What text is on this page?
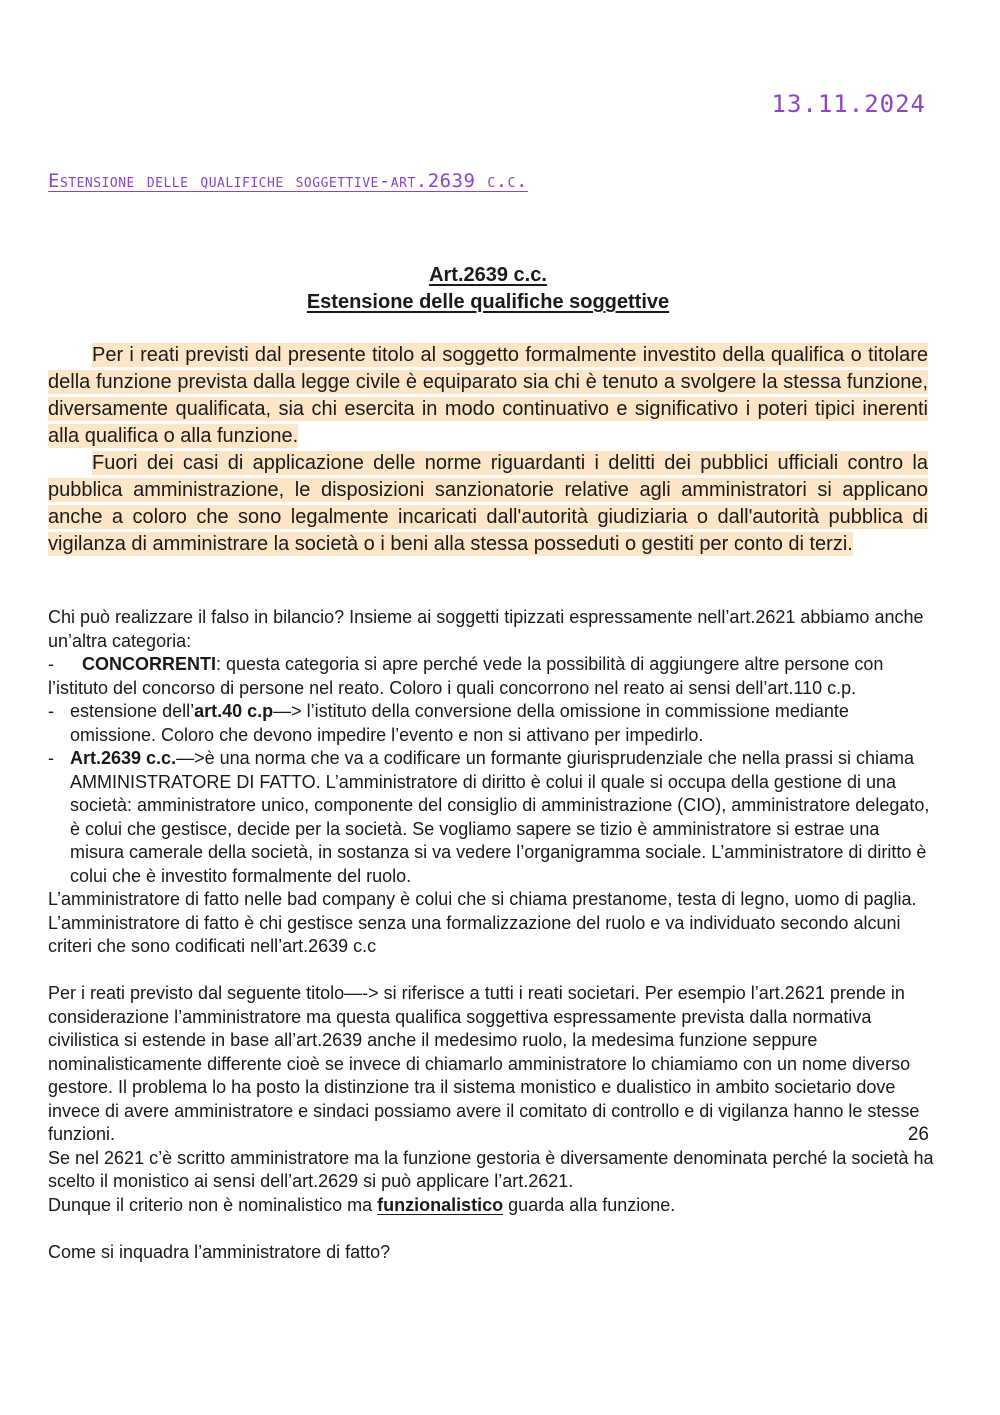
13.11.2024
Estensione delle qualifiche soggettive-art.2639 c.c.
Art.2639 c.c.
Estensione delle qualifiche soggettive

Per i reati previsti dal presente titolo al soggetto formalmente investito della qualifica o titolare della funzione prevista dalla legge civile è equiparato sia chi è tenuto a svolgere la stessa funzione, diversamente qualificata, sia chi esercita in modo continuativo e significativo i poteri tipici inerenti alla qualifica o alla funzione.

Fuori dei casi di applicazione delle norme riguardanti i delitti dei pubblici ufficiali contro la pubblica amministrazione, le disposizioni sanzionatorie relative agli amministratori si applicano anche a coloro che sono legalmente incaricati dall'autorità giudiziaria o dall'autorità pubblica di vigilanza di amministrare la società o i beni alla stessa posseduti o gestiti per conto di terzi.

Chi può realizzare il falso in bilancio? Insieme ai soggetti tipizzati espressamente nell’art.2621 abbiamo anche un’altra categoria:

- CONCORRENTI: questa categoria si apre perché vede la possibilità di aggiungere altre persone con l’istituto del concorso di persone nel reato. Coloro i quali concorrono nel reato ai sensi dell’art.110 c.p.

- estensione dell’art.40 c.p—> l’istituto della conversione della omissione in commissione mediante omissione. Coloro che devono impedire l’evento e non si attivano per impedirlo.

- Art.2639 c.c.—>è una norma che va a codificare un formante giurisprudenziale che nella prassi si chiama AMMINISTRATORE DI FATTO. L’amministratore di diritto è colui il quale si occupa della gestione di una società: amministratore unico, componente del consiglio di amministrazione (CIO), amministratore delegato, è colui che gestisce, decide per la società. Se vogliamo sapere se tizio è amministratore si estrae una misura camerale della società, in sostanza si va vedere l’organigramma sociale. L’amministratore di diritto è colui che è investito formalmente del ruolo.

L’amministratore di fatto nelle bad company è colui che si chiama prestanome, testa di legno, uomo di paglia. L’amministratore di fatto è chi gestisce senza una formalizzazione del ruolo e va individuato secondo alcuni criteri che sono codificati nell’art.2639 c.c

Per i reati previsto dal seguente titolo—-> si riferisce a tutti i reati societari. Per esempio l’art.2621 prende in considerazione l’amministratore ma questa qualifica soggettiva espressamente prevista dalla normativa civilistica si estende in base all’art.2639 anche il medesimo ruolo, la medesima funzione seppure nominalisticamente differente cioè se invece di chiamarlo amministratore lo chiamiamo con un nome diverso gestore. Il problema lo ha posto la distinzione tra il sistema monistico e dualistico in ambito societario dove invece di avere amministratore e sindaci possiamo avere il comitato di controllo e di vigilanza hanno le stesse funzioni.

Se nel 2621 c’è scritto amministratore ma la funzione gestoria è diversamente denominata perché la società ha scelto il monistico ai sensi dell’art.2629 si può applicare l’art.2621.

Dunque il criterio non è nominalistico ma funzionalistico guarda alla funzione.

Come si inquadra l’amministratore di fatto?

26
